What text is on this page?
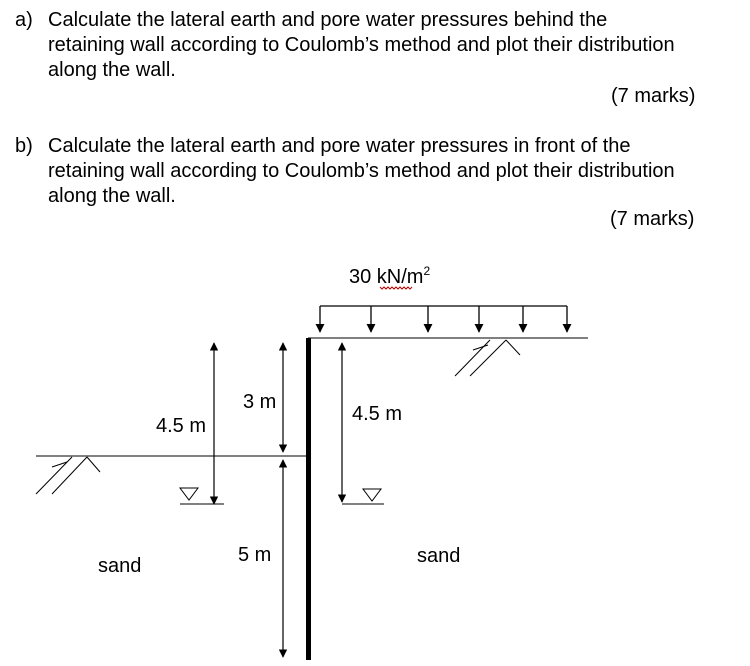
a) Calculate the lateral earth and pore water pressures behind the
retaining wall according to Coulomb’s method and plot their distribution
along the wall.
(7 marks)
b) Calculate the lateral earth and pore water pressures in front of the
retaining wall according to Coulomb’s method and plot their distribution
along the wall.
(7 marks)
30 $kN/m^2$
4.5 m
3 m
5 m
4.5 m
sand	sand
